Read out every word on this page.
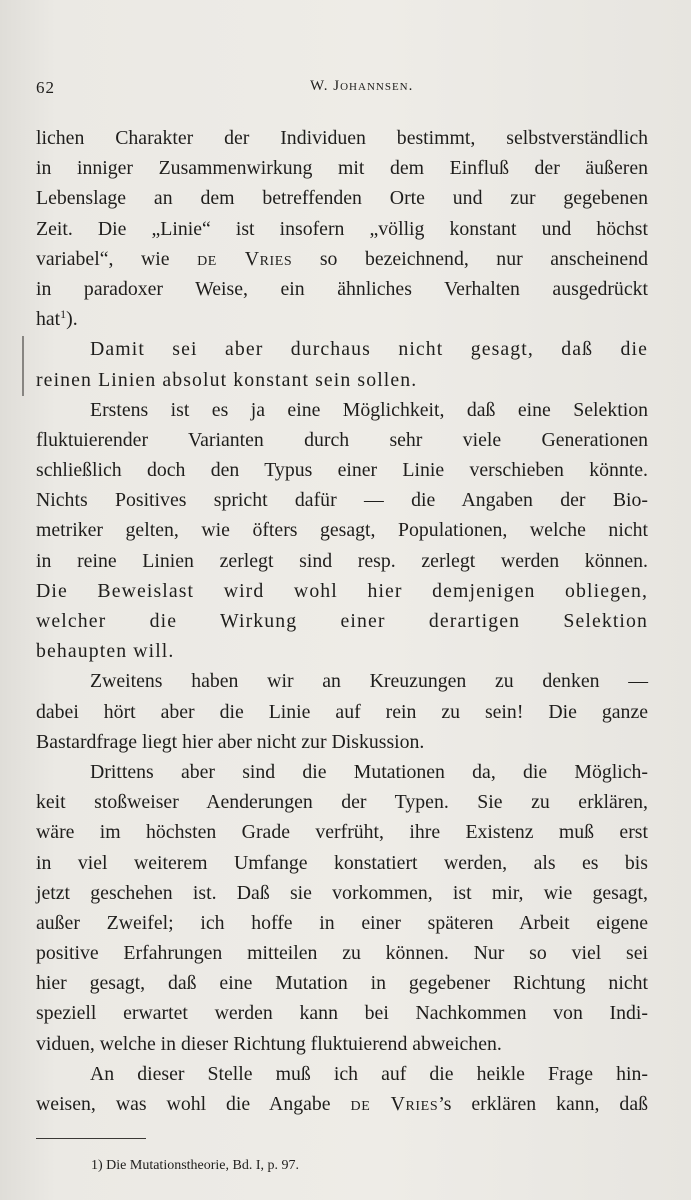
62	W. Johannsen.
lichen Charakter der Individuen bestimmt, selbstverständlich
in inniger Zusammenwirkung mit dem Einfluß der äußeren
Lebenslage an dem betreffenden Orte und zur gegebenen
Zeit. Die „Linie“ ist insofern „völlig konstant und höchst
variabel“, wie de Vries so bezeichnend, nur anscheinend
in paradoxer Weise, ein ähnliches Verhalten ausgedrückt
hat$^1$).
Damit sei aber durchaus nicht gesagt, daß die
reinen Linien absolut konstant sein sollen.
Erstens ist es ja eine Möglichkeit, daß eine Selektion
fluktuierender Varianten durch sehr viele Generationen
schließlich doch den Typus einer Linie verschieben könnte.
Nichts Positives spricht dafür — die Angaben der Bio-
metriker gelten, wie öfters gesagt, Populationen, welche nicht
in reine Linien zerlegt sind resp. zerlegt werden können.
Die Beweislast wird wohl hier demjenigen obliegen,
welcher die Wirkung einer derartigen Selektion
behaupten will.
Zweitens haben wir an Kreuzungen zu denken —
dabei hört aber die Linie auf rein zu sein! Die ganze
Bastardfrage liegt hier aber nicht zur Diskussion.
Drittens aber sind die Mutationen da, die Möglich-
keit stoßweiser Aenderungen der Typen. Sie zu erklären,
wäre im höchsten Grade verfrüht, ihre Existenz muß erst
in viel weiterem Umfange konstatiert werden, als es bis
jetzt geschehen ist. Daß sie vorkommen, ist mir, wie gesagt,
außer Zweifel; ich hoffe in einer späteren Arbeit eigene
positive Erfahrungen mitteilen zu können. Nur so viel sei
hier gesagt, daß eine Mutation in gegebener Richtung nicht
speziell erwartet werden kann bei Nachkommen von Indi-
viduen, welche in dieser Richtung fluktuierend abweichen.
An dieser Stelle muß ich auf die heikle Frage hin-
weisen, was wohl die Angabe de Vries’s erklären kann, daß
1) Die Mutationstheorie, Bd. I, p. 97.
